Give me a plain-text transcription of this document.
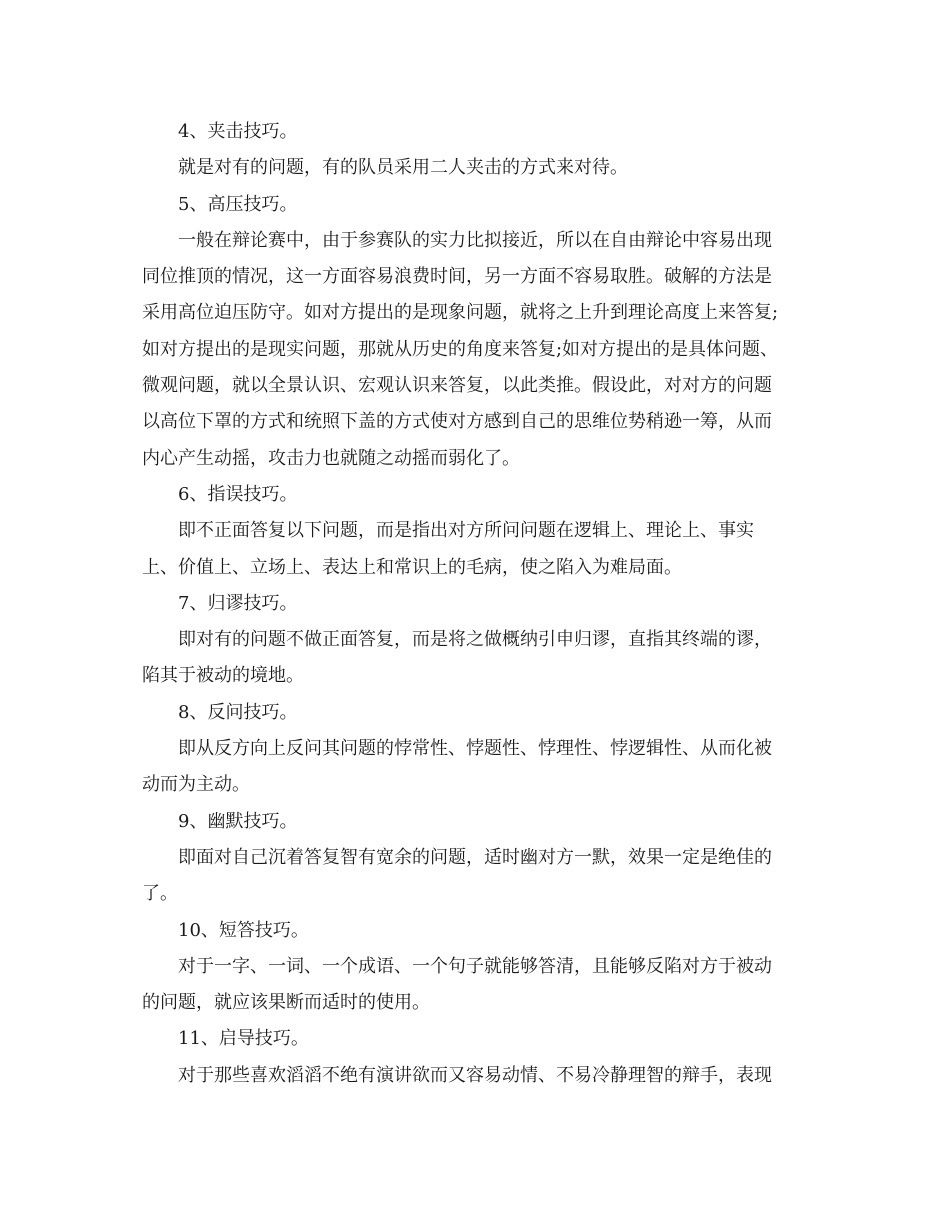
4、夹击技巧。
就是对有的问题，有的队员采用二人夹击的方式来对待。
5、高压技巧。
一般在辩论赛中，由于参赛队的实力比拟接近，所以在自由辩论中容易出现
同位推顶的情况，这一方面容易浪费时间，另一方面不容易取胜。破解的方法是
采用高位迫压防守。如对方提出的是现象问题，就将之上升到理论高度上来答复;
如对方提出的是现实问题，那就从历史的角度来答复;如对方提出的是具体问题、
微观问题，就以全景认识、宏观认识来答复，以此类推。假设此，对对方的问题
以高位下罩的方式和统照下盖的方式使对方感到自己的思维位势稍逊一筹，从而
内心产生动摇，攻击力也就随之动摇而弱化了。
6、指误技巧。
即不正面答复以下问题，而是指出对方所问问题在逻辑上、理论上、事实
上、价值上、立场上、表达上和常识上的毛病，使之陷入为难局面。
7、归谬技巧。
即对有的问题不做正面答复，而是将之做概纳引申归谬，直指其终端的谬，
陷其于被动的境地。
8、反问技巧。
即从反方向上反问其问题的悖常性、悖题性、悖理性、悖逻辑性、从而化被
动而为主动。
9、幽默技巧。
即面对自己沉着答复智有宽余的问题，适时幽对方一默，效果一定是绝佳的
了。
10、短答技巧。
对于一字、一词、一个成语、一个句子就能够答清，且能够反陷对方于被动
的问题，就应该果断而适时的使用。
11、启导技巧。
对于那些喜欢滔滔不绝有演讲欲而又容易动情、不易冷静理智的辩手，表现
